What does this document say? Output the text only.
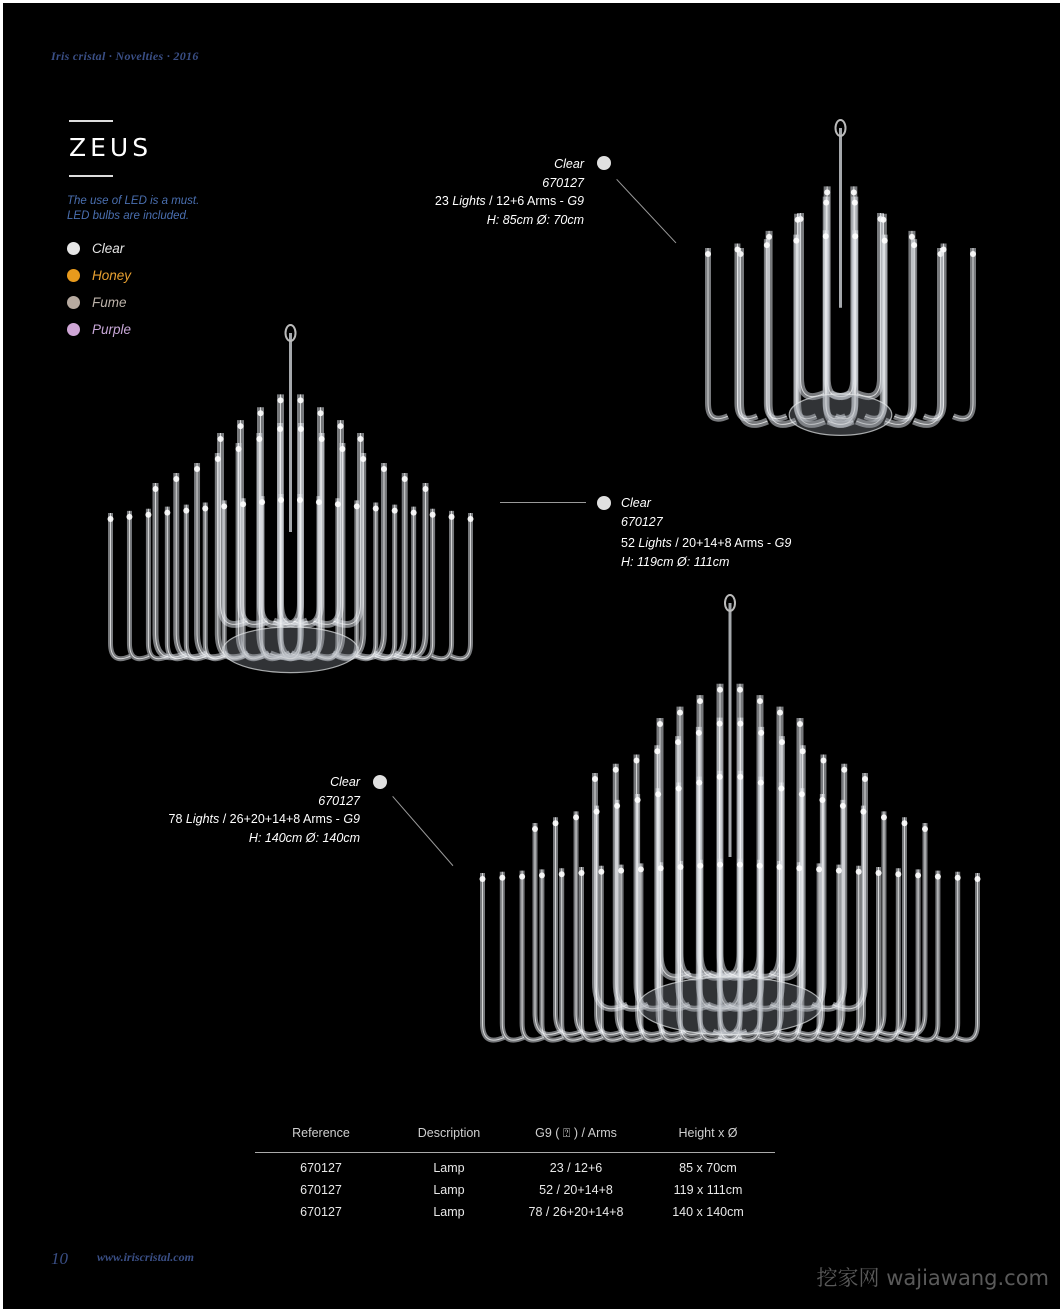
Iris cristal · Novelties · 2016
ZEUS
The use of LED is a must.
LED bulbs are included.
Clear
Honey
Fume
Purple
Clear
670127
23 Lights / 12+6 Arms - G9
H: 85cm Ø: 70cm
Clear
670127
52 Lights / 20+14+8 Arms - G9
H: 119cm Ø: 111cm
Clear
670127
78 Lights / 26+20+14+8 Arms - G9
H: 140cm Ø: 140cm
Reference	Description	G9 ( ⍰ ) / Arms	Height x Ø
670127	Lamp	23 / 12+6	85 x 70cm
670127	Lamp	52 / 20+14+8	119 x 111cm
670127	Lamp	78 / 26+20+14+8	140 x 140cm
10 www.iriscristal.com
挖家网 wajiawang.com
